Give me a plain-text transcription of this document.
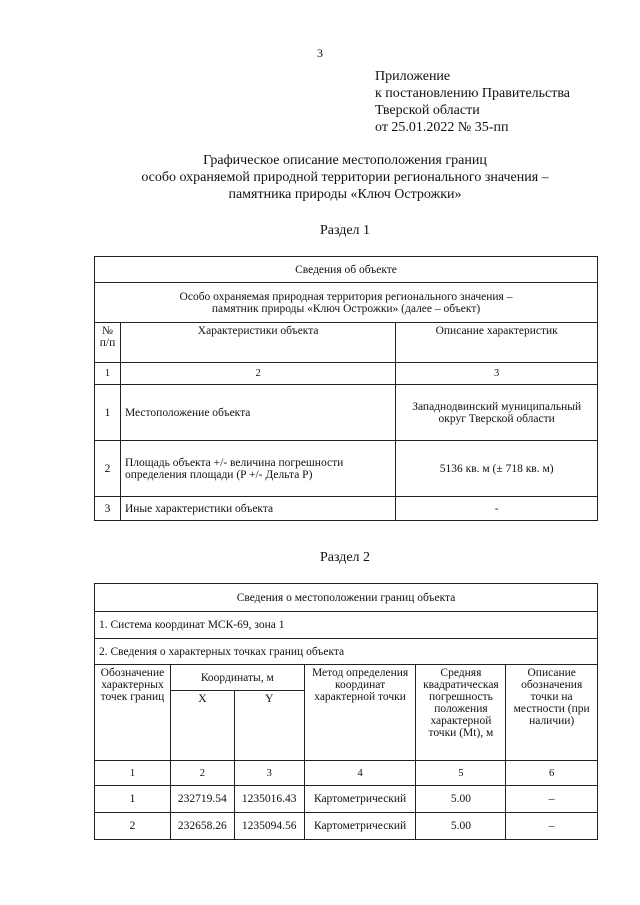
3
Приложение
к постановлению Правительства
Тверской области
от 25.01.2022 № 35-пп
Графическое описание местоположения границ
особо охраняемой природной территории регионального значения –
памятника природы «Ключ Острожки»
Раздел 1
Сведения об объекте		

Особо охраняемая природная территория регионального значения –
памятник природы «Ключ Острожки» (далее – объект)		

№ п/п	Характеристики объекта	Описание характеристик
1	2	3
1	Местоположение объекта	Западнодвинский муниципальный округ Тверской области
2	Площадь объекта +/- величина погрешности определения площади (P +/- Дельта P)	5136 кв. м (± 718 кв. м)
3	Иные характеристики объекта	-
Раздел 2
Сведения о местоположении границ объекта					
1. Система координат МСК-69, зона 1					
2. Сведения о характерных точках границ объекта					
Обозначение характерных точек границ	Координаты, м		Метод определения координат характерной точки	Средняя квадратическая погрешность положения характерной точки (Mt), м	Описание обозначения точки на местности (при наличии)
	X	Y			
1	2	3	4	5	6
1	232719.54	1235016.43	Картометрический	5.00	–
2	232658.26	1235094.56	Картометрический	5.00	–
